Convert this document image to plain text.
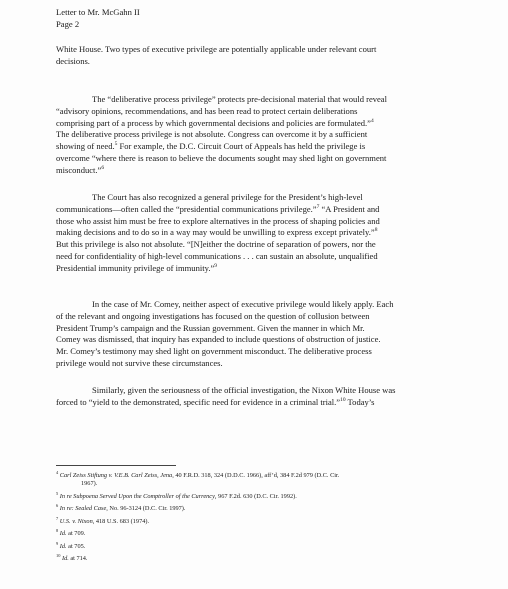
Letter to Mr. McGahn II
Page 2
White House. Two types of executive privilege are potentially applicable under relevant court
decisions.
The “deliberative process privilege” protects pre-decisional material that would reveal
“advisory opinions, recommendations, and has been read to protect certain deliberations
comprising part of a process by which governmental decisions and policies are formulated.”$^4$
The deliberative process privilege is not absolute. Congress can overcome it by a sufficient
showing of need.$^5$ For example, the D.C. Circuit Court of Appeals has held the privilege is
overcome “where there is reason to believe the documents sought may shed light on government
misconduct.”$^6$
The Court has also recognized a general privilege for the President’s high-level
communications—often called the “presidential communications privilege.”$^7$ “A President and
those who assist him must be free to explore alternatives in the process of shaping policies and
making decisions and to do so in a way may would be unwilling to express except privately.”$^8$
But this privilege is also not absolute. “[N]either the doctrine of separation of powers, nor the
need for confidentiality of high-level communications . . . can sustain an absolute, unqualified
Presidential immunity privilege of immunity.”$^9$
In the case of Mr. Comey, neither aspect of executive privilege would likely apply. Each
of the relevant and ongoing investigations has focused on the question of collusion between
President Trump’s campaign and the Russian government. Given the manner in which Mr.
Comey was dismissed, that inquiry has expanded to include questions of obstruction of justice.
Mr. Comey’s testimony may shed light on government misconduct. The deliberative process
privilege would not survive these circumstances.
Similarly, given the seriousness of the official investigation, the Nixon White House was
forced to “yield to the demonstrated, specific need for evidence in a criminal trial.”$^{10}$ Today’s
$^4$ Carl Zeiss Stiftung v. V.E.B. Carl Zeiss, Jena, 40 F.R.D. 318, 324 (D.D.C. 1966), aff’d, 384 F.2d 979 (D.C. Cir.
1967).
$^5$ In re Subpoena Served Upon the Comptroller of the Currency, 967 F.2d. 630 (D.C. Cir. 1992).
$^6$ In re: Sealed Case, No. 96-3124 (D.C. Cir. 1997).
$^7$ U.S. v. Nixon, 418 U.S. 683 (1974).
$^8$ Id. at 709.
$^9$ Id. at 705.
$^{10}$ Id. at 714.
